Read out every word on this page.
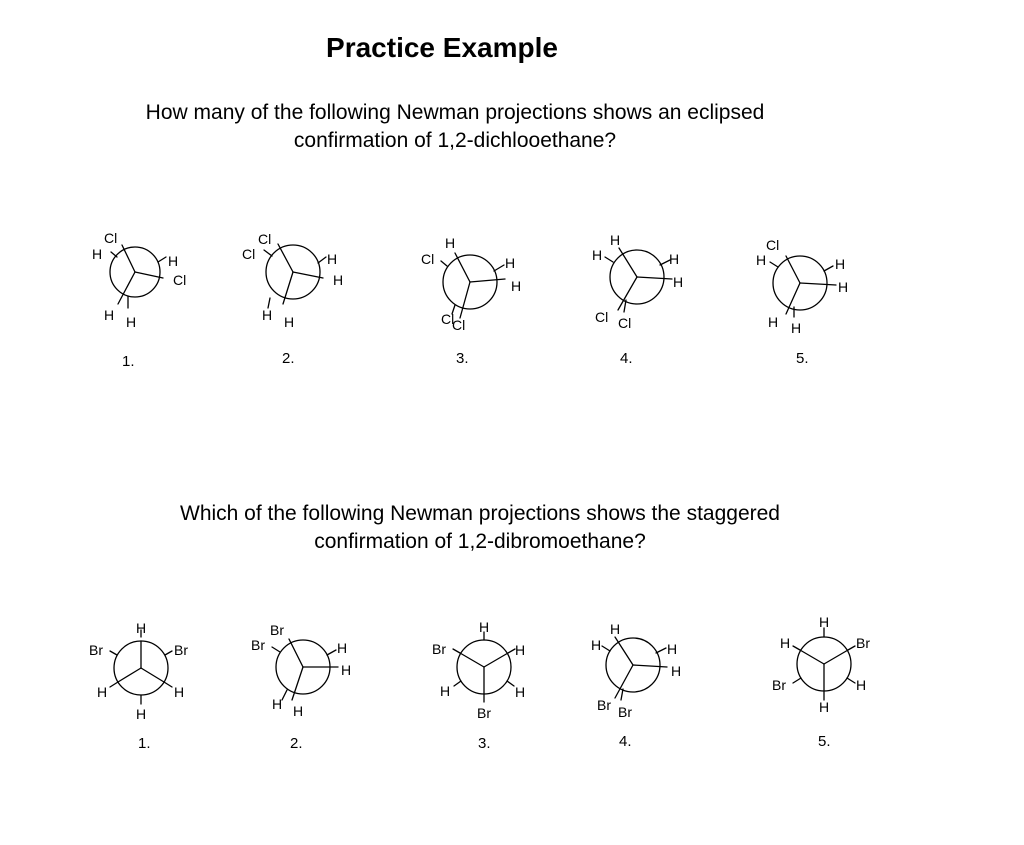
Practice Example
How many of the following Newman projections shows an eclipsed
confirmation of 1,2-dichlooethane?
Which of the following Newman projections shows the staggered
confirmation of 1,2-dibromoethane?
1.	2.	3.	4.	5.
1.	2.	3.	4.	5.
Cl
H	H
Cl
H H
Cl
Cl	H
H
H H
H
Cl	H
H
Cl
Cl
H
H	H
H
Cl Cl
Cl
H	H
H
H H
H
Br	Br
H	H
H
Br
Br	H
H
H H
H
Br	H
H	H
Br
H
H	H
H
Br Br
H
H	Br
Br	H
H
